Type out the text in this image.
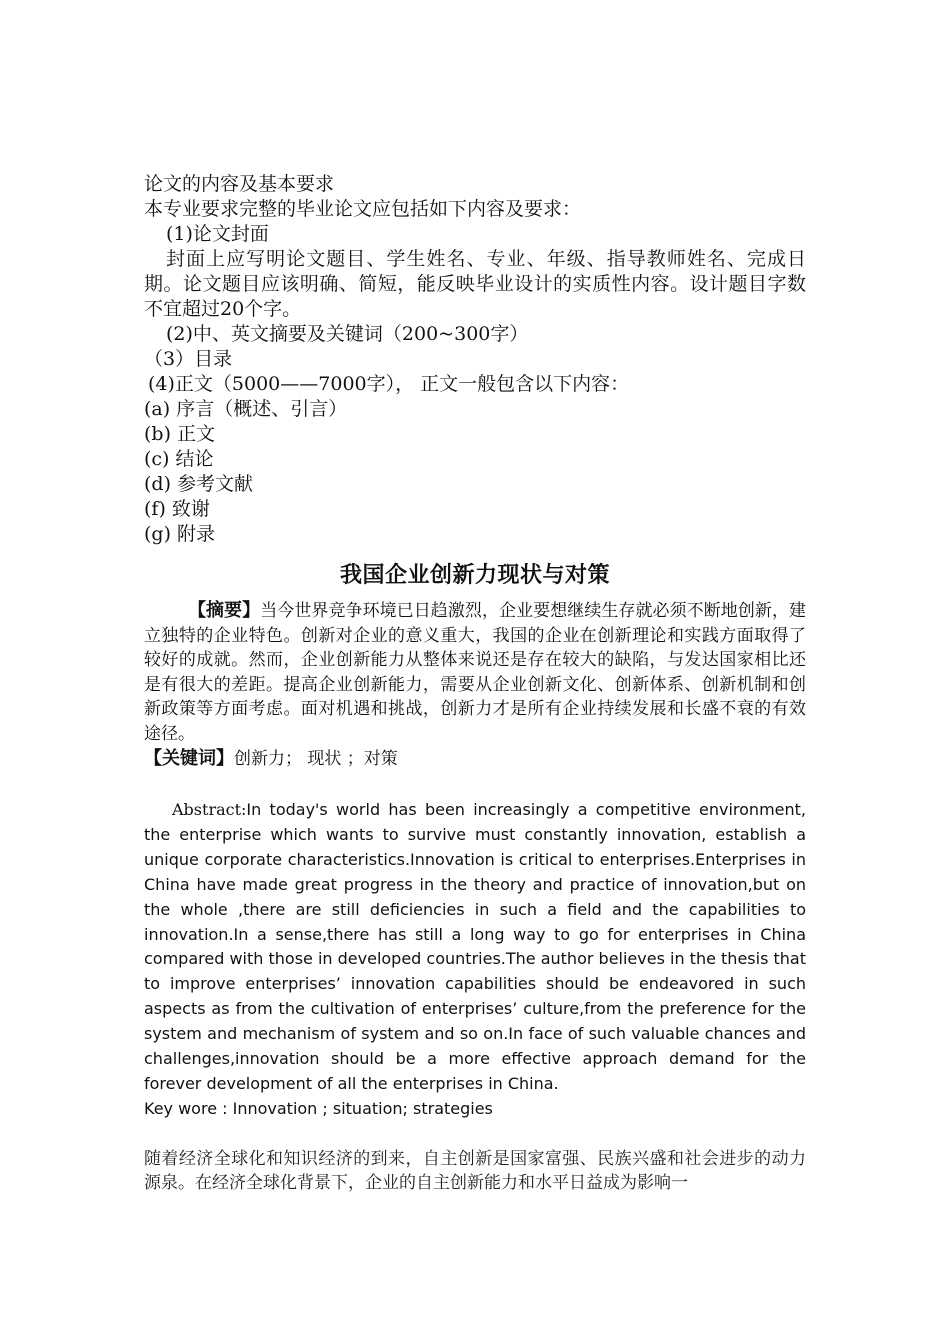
论文的内容及基本要求

本专业要求完整的毕业论文应包括如下内容及要求：

(1)论文封面

封面上应写明论文题目、学生姓名、专业、年级、指导教师姓名、完成日期。论文题目应该明确、简短，能反映毕业设计的实质性内容。设计题目字数不宜超过20个字。

(2)中、英文摘要及关键词（200~300字）

（3）目录

(4)正文（5000——7000字）， 正文一般包含以下内容：

(a) 序言（概述、引言）

(b) 正文

(c) 结论

(d) 参考文献

(f) 致谢

(g) 附录

我国企业创新力现状与对策

【摘要】当今世界竞争环境已日趋激烈，企业要想继续生存就必须不断地创新，建立独特的企业特色。创新对企业的意义重大，我国的企业在创新理论和实践方面取得了较好的成就。然而，企业创新能力从整体来说还是存在较大的缺陷，与发达国家相比还是有很大的差距。提高企业创新能力，需要从企业创新文化、创新体系、创新机制和创新政策等方面考虑。面对机遇和挑战，创新力才是所有企业持续发展和长盛不衰的有效途径。

【关键词】创新力； 现状 ；对策

Abstract:In today's world has been increasingly a competitive environment, the enterprise which wants to survive must constantly innovation, establish a unique corporate characteristics.Innovation is critical to enterprises.Enterprises in China have made great progress in the theory and practice of innovation,but on the whole ,there are still deficiencies in such a field and the capabilities to innovation.In a sense,there has still a long way to go for enterprises in China compared with those in developed countries.The author believes in the thesis that to improve enterprises’ innovation capabilities should be endeavored in such aspects as from the cultivation of enterprises’ culture,from the preference for the system and mechanism of system and so on.In face of such valuable chances and challenges,innovation should be a more effective approach demand for the forever development of all the enterprises in China.

Key wore : Innovation ; situation; strategies

随着经济全球化和知识经济的到来，自主创新是国家富强、民族兴盛和社会进步的动力源泉。在经济全球化背景下，企业的自主创新能力和水平日益成为影响一
